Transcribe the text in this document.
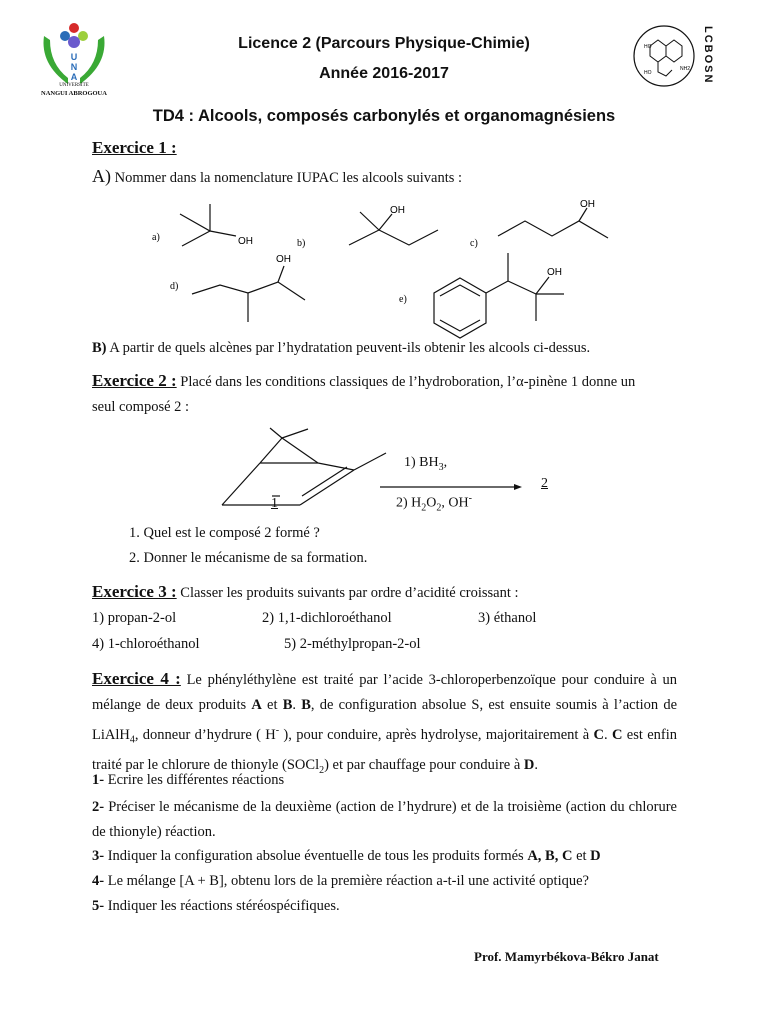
U
N
A
UNIVERSITE
NANGUI ABROGOUA
HO
HO
NH2 LCBOSN
Licence 2 (Parcours Physique-Chimie)
Année 2016-2017
TD4 : Alcools, composés carbonylés et organomagnésiens
Exercice 1 :
A) Nommer dans la nomenclature IUPAC les alcools suivants :
a)
b)	c)
d)
e)
OH
OH
OH
OH
OH
B) A partir de quels alcènes par l’hydratation peuvent-ils obtenir les alcools ci-dessus.
Exercice 2 : Placé dans les conditions classiques de l’hydroboration, l’α-pinène 1 donne un
seul composé 2 :
1
1) $BH_3$,
2) $H_2O_2$, OH-
2
1. Quel est le composé 2 formé ?
2. Donner le mécanisme de sa formation.
Exercice 3 : Classer les produits suivants par ordre d’acidité croissant :
1) propan-2-ol	2) 1,1-dichloroéthanol	3) éthanol
4) 1-chloroéthanol	5) 2-méthylpropan-2-ol

Exercice 4 : Le phényléthylène est traité par l’acide 3-chloroperbenzoïque pour conduire à un mélange de deux produits A et B. B, de configuration absolue S, est ensuite soumis à l’action de LiAlH$_4$, donneur d’hydrure ( H- ), pour conduire, après hydrolyse, majoritairement à C. C est enfin traité par le chlorure de thionyle (SOCl$_2$) et par chauffage pour conduire à D.

1- Ecrire les différentes réactions

2- Préciser le mécanisme de la deuxième (action de l’hydrure) et de la troisième (action du chlorure de thionyle) réaction.

3- Indiquer la configuration absolue éventuelle de tous les produits formés A, B, C et D
4- Le mélange [A + B], obtenu lors de la première réaction a-t-il une activité optique?
5- Indiquer les réactions stéréospécifiques.
Prof. Mamyrbékova-Békro Janat
